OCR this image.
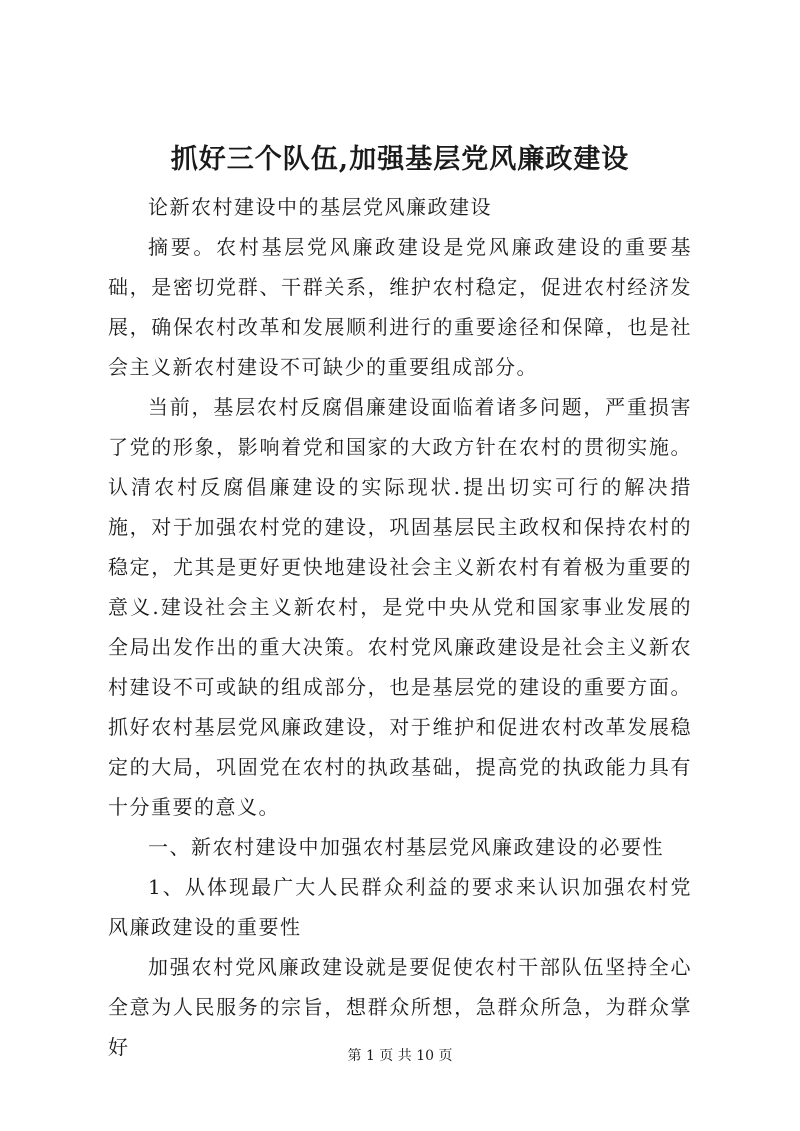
抓好三个队伍,加强基层党风廉政建设

论新农村建设中的基层党风廉政建设

摘要。农村基层党风廉政建设是党风廉政建设的重要基础，是密切党群、干群关系，维护农村稳定，促进农村经济发展，确保农村改革和发展顺利进行的重要途径和保障，也是社会主义新农村建设不可缺少的重要组成部分。

当前，基层农村反腐倡廉建设面临着诸多问题，严重损害了党的形象，影响着党和国家的大政方针在农村的贯彻实施。认清农村反腐倡廉建设的实际现状.提出切实可行的解决措施，对于加强农村党的建设，巩固基层民主政权和保持农村的稳定，尤其是更好更快地建设社会主义新农村有着极为重要的意义.建设社会主义新农村，是党中央从党和国家事业发展的全局出发作出的重大决策。农村党风廉政建设是社会主义新农村建设不可或缺的组成部分，也是基层党的建设的重要方面。抓好农村基层党风廉政建设，对于维护和促进农村改革发展稳定的大局，巩固党在农村的执政基础，提高党的执政能力具有十分重要的意义。

一、新农村建设中加强农村基层党风廉政建设的必要性

1、从体现最广大人民群众利益的要求来认识加强农村党风廉政建设的重要性

加强农村党风廉政建设就是要促使农村干部队伍坚持全心全意为人民服务的宗旨，想群众所想，急群众所急，为群众掌好	第 1 页 共 10 页
